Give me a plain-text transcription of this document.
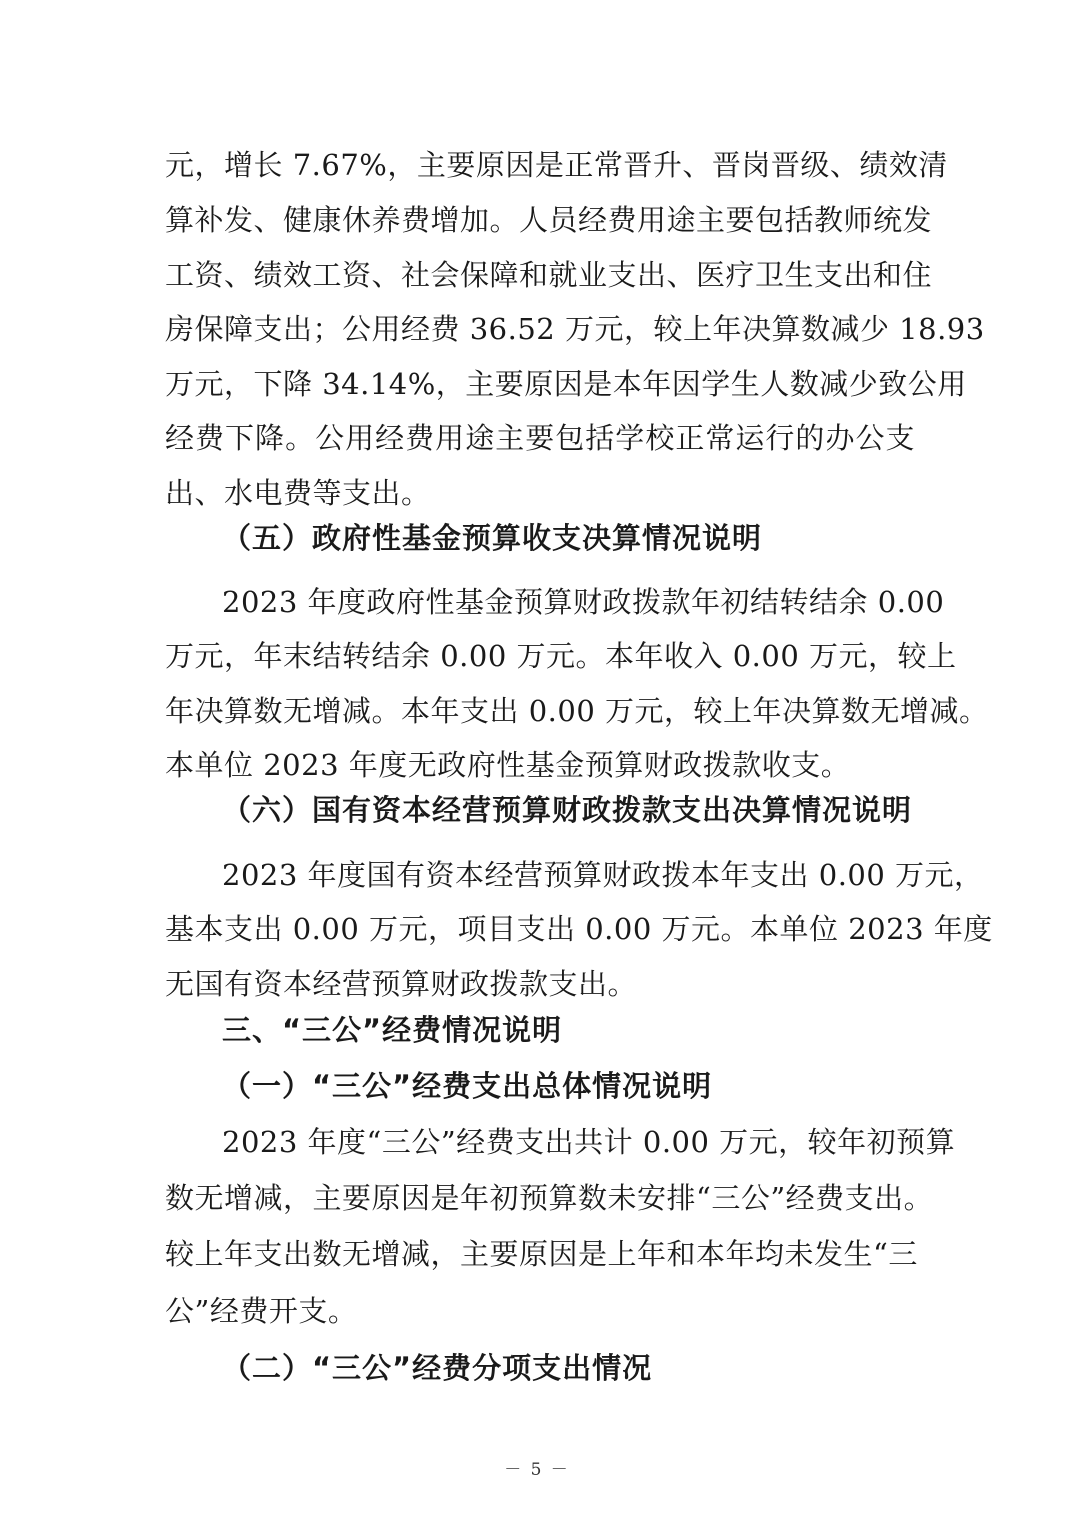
元，增长 7.67%，主要原因是正常晋升、晋岗晋级、绩效清
算补发、健康休养费增加。人员经费用途主要包括教师统发
工资、绩效工资、社会保障和就业支出、医疗卫生支出和住
房保障支出；公用经费 36.52 万元，较上年决算数减少 18.93
万元，下降 34.14%，主要原因是本年因学生人数减少致公用
经费下降。公用经费用途主要包括学校正常运行的办公支
出、水电费等支出。
（五）政府性基金预算收支决算情况说明
2023 年度政府性基金预算财政拨款年初结转结余 0.00
万元，年末结转结余 0.00 万元。本年收入 0.00 万元，较上
年决算数无增减。本年支出 0.00 万元，较上年决算数无增减。
本单位 2023 年度无政府性基金预算财政拨款收支。
（六）国有资本经营预算财政拨款支出决算情况说明
2023 年度国有资本经营预算财政拨本年支出 0.00 万元，
基本支出 0.00 万元，项目支出 0.00 万元。本单位 2023 年度
无国有资本经营预算财政拨款支出。
三、“三公”经费情况说明
（一）“三公”经费支出总体情况说明
2023 年度“三公”经费支出共计 0.00 万元，较年初预算
数无增减，主要原因是年初预算数未安排“三公”经费支出。
较上年支出数无增减，主要原因是上年和本年均未发生“三
公”经费开支。
（二）“三公”经费分项支出情况
－ 5 －
